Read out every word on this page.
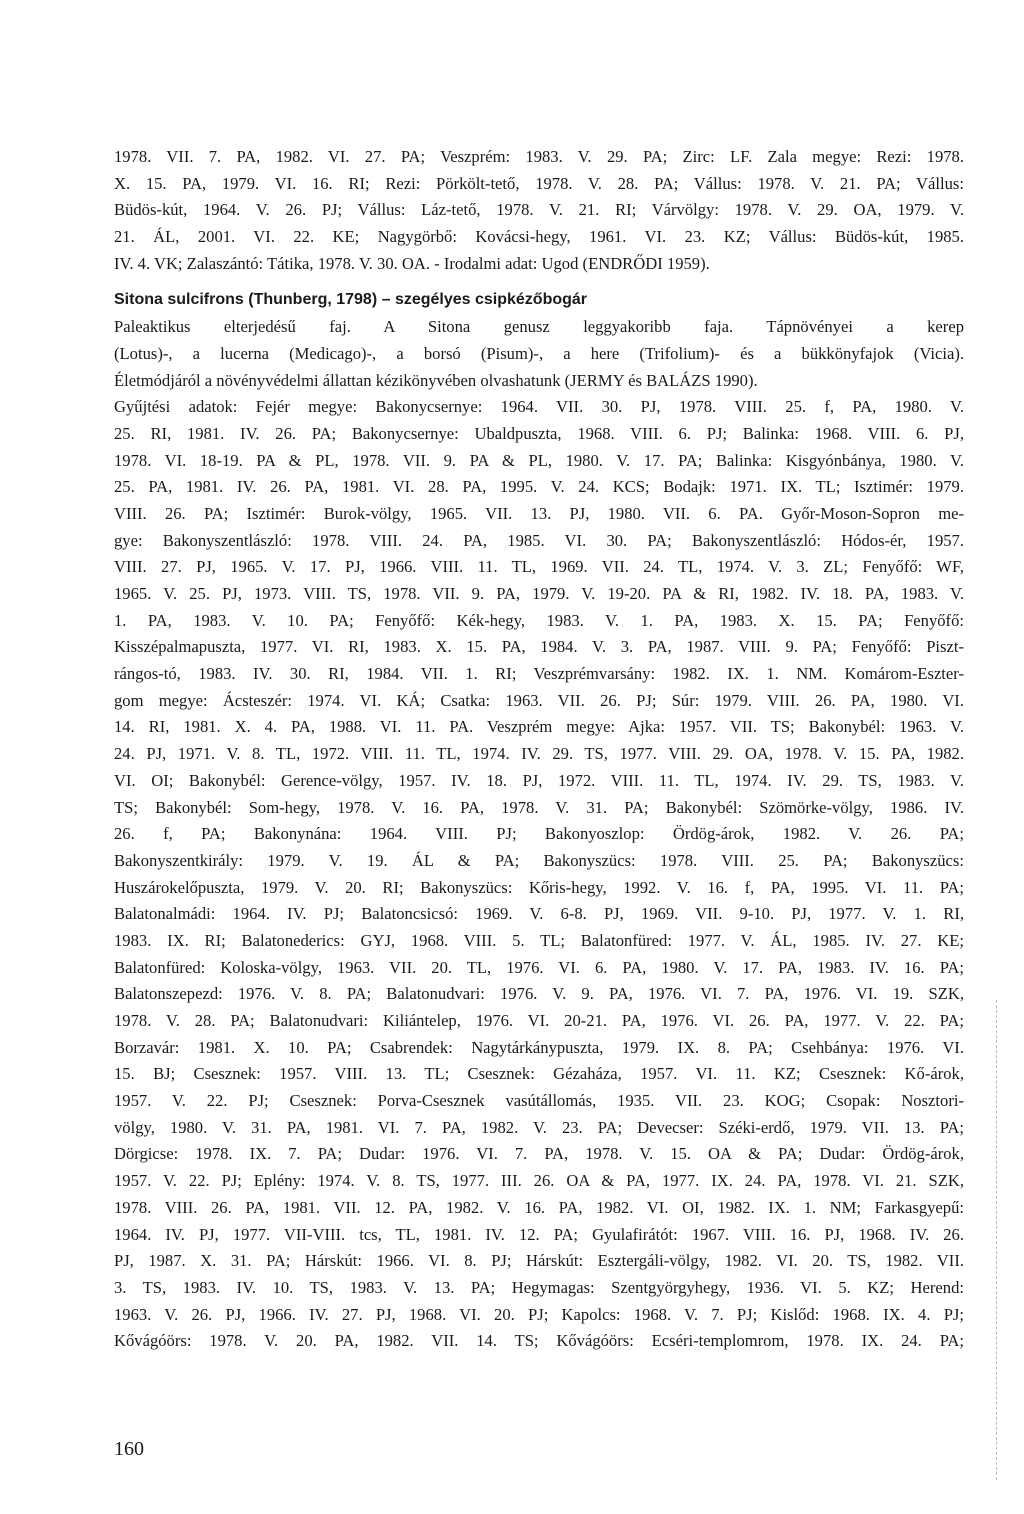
1978. VII. 7. PA, 1982. VI. 27. PA; Veszprém: 1983. V. 29. PA; Zirc: LF. Zala megye: Rezi: 1978.
X. 15. PA, 1979. VI. 16. RI; Rezi: Pörkölt-tető, 1978. V. 28. PA; Vállus: 1978. V. 21. PA; Vállus:
Büdös-kút, 1964. V. 26. PJ; Vállus: Láz-tető, 1978. V. 21. RI; Várvölgy: 1978. V. 29. OA, 1979. V.
21. ÁL, 2001. VI. 22. KE; Nagygörbő: Kovácsi-hegy, 1961. VI. 23. KZ; Vállus: Büdös-kút, 1985.
IV. 4. VK; Zalaszántó: Tátika, 1978. V. 30. OA. - Irodalmi adat: Ugod (ENDRŐDI 1959).
Sitona sulcifrons (Thunberg, 1798) – szegélyes csipkézőbogár
Paleaktikus elterjedésű faj. A Sitona genusz leggyakoribb faja. Tápnövényei a kerep
(Lotus)-, a lucerna (Medicago)-, a borsó (Pisum)-, a here (Trifolium)- és a bükkönyfajok (Vicia).
Életmódjáról a növényvédelmi állattan kézikönyvében olvashatunk (JERMY és BALÁZS 1990).
Gyűjtési adatok: Fejér megye: Bakonycsernye: 1964. VII. 30. PJ, 1978. VIII. 25. f, PA, 1980. V.
25. RI, 1981. IV. 26. PA; Bakonycsernye: Ubaldpuszta, 1968. VIII. 6. PJ; Balinka: 1968. VIII. 6. PJ,
1978. VI. 18-19. PA & PL, 1978. VII. 9. PA & PL, 1980. V. 17. PA; Balinka: Kisgyónbánya, 1980. V.
25. PA, 1981. IV. 26. PA, 1981. VI. 28. PA, 1995. V. 24. KCS; Bodajk: 1971. IX. TL; Isztimér: 1979.
VIII. 26. PA; Isztimér: Burok-völgy, 1965. VII. 13. PJ, 1980. VII. 6. PA. Győr-Moson-Sopron me-
gye: Bakonyszentlászló: 1978. VIII. 24. PA, 1985. VI. 30. PA; Bakonyszentlászló: Hódos-ér, 1957.
VIII. 27. PJ, 1965. V. 17. PJ, 1966. VIII. 11. TL, 1969. VII. 24. TL, 1974. V. 3. ZL; Fenyőfő: WF,
1965. V. 25. PJ, 1973. VIII. TS, 1978. VII. 9. PA, 1979. V. 19-20. PA & RI, 1982. IV. 18. PA, 1983. V.
1. PA, 1983. V. 10. PA; Fenyőfő: Kék-hegy, 1983. V. 1. PA, 1983. X. 15. PA; Fenyőfő:
Kisszépalmapuszta, 1977. VI. RI, 1983. X. 15. PA, 1984. V. 3. PA, 1987. VIII. 9. PA; Fenyőfő: Piszt-
rángos-tó, 1983. IV. 30. RI, 1984. VII. 1. RI; Veszprémvarsány: 1982. IX. 1. NM. Komárom-Eszter-
gom megye: Ácsteszér: 1974. VI. KÁ; Csatka: 1963. VII. 26. PJ; Súr: 1979. VIII. 26. PA, 1980. VI.
14. RI, 1981. X. 4. PA, 1988. VI. 11. PA. Veszprém megye: Ajka: 1957. VII. TS; Bakonybél: 1963. V.
24. PJ, 1971. V. 8. TL, 1972. VIII. 11. TL, 1974. IV. 29. TS, 1977. VIII. 29. OA, 1978. V. 15. PA, 1982.
VI. OI; Bakonybél: Gerence-völgy, 1957. IV. 18. PJ, 1972. VIII. 11. TL, 1974. IV. 29. TS, 1983. V.
TS; Bakonybél: Som-hegy, 1978. V. 16. PA, 1978. V. 31. PA; Bakonybél: Szömörke-völgy, 1986. IV.
26. f, PA; Bakonynána: 1964. VIII. PJ; Bakonyoszlop: Ördög-árok, 1982. V. 26. PA;
Bakonyszentkirály: 1979. V. 19. ÁL & PA; Bakonyszücs: 1978. VIII. 25. PA; Bakonyszücs:
Huszárokelőpuszta, 1979. V. 20. RI; Bakonyszücs: Kőris-hegy, 1992. V. 16. f, PA, 1995. VI. 11. PA;
Balatonalmádi: 1964. IV. PJ; Balatoncsicsó: 1969. V. 6-8. PJ, 1969. VII. 9-10. PJ, 1977. V. 1. RI,
1983. IX. RI; Balatonederics: GYJ, 1968. VIII. 5. TL; Balatonfüred: 1977. V. ÁL, 1985. IV. 27. KE;
Balatonfüred: Koloska-völgy, 1963. VII. 20. TL, 1976. VI. 6. PA, 1980. V. 17. PA, 1983. IV. 16. PA;
Balatonszepezd: 1976. V. 8. PA; Balatonudvari: 1976. V. 9. PA, 1976. VI. 7. PA, 1976. VI. 19. SZK,
1978. V. 28. PA; Balatonudvari: Kiliántelep, 1976. VI. 20-21. PA, 1976. VI. 26. PA, 1977. V. 22. PA;
Borzavár: 1981. X. 10. PA; Csabrendek: Nagytárkánypuszta, 1979. IX. 8. PA; Csehbánya: 1976. VI.
15. BJ; Csesznek: 1957. VIII. 13. TL; Csesznek: Gézaháza, 1957. VI. 11. KZ; Csesznek: Kő-árok,
1957. V. 22. PJ; Csesznek: Porva-Csesznek vasútállomás, 1935. VII. 23. KOG; Csopak: Nosztori-
völgy, 1980. V. 31. PA, 1981. VI. 7. PA, 1982. V. 23. PA; Devecser: Széki-erdő, 1979. VII. 13. PA;
Dörgicse: 1978. IX. 7. PA; Dudar: 1976. VI. 7. PA, 1978. V. 15. OA & PA; Dudar: Ördög-árok,
1957. V. 22. PJ; Eplény: 1974. V. 8. TS, 1977. III. 26. OA & PA, 1977. IX. 24. PA, 1978. VI. 21. SZK,
1978. VIII. 26. PA, 1981. VII. 12. PA, 1982. V. 16. PA, 1982. VI. OI, 1982. IX. 1. NM; Farkasgyepű:
1964. IV. PJ, 1977. VII-VIII. tcs, TL, 1981. IV. 12. PA; Gyulafirátót: 1967. VIII. 16. PJ, 1968. IV. 26.
PJ, 1987. X. 31. PA; Hárskút: 1966. VI. 8. PJ; Hárskút: Esztergáli-völgy, 1982. VI. 20. TS, 1982. VII.
3. TS, 1983. IV. 10. TS, 1983. V. 13. PA; Hegymagas: Szentgyörgyhegy, 1936. VI. 5. KZ; Herend:
1963. V. 26. PJ, 1966. IV. 27. PJ, 1968. VI. 20. PJ; Kapolcs: 1968. V. 7. PJ; Kislőd: 1968. IX. 4. PJ;
Kővágóörs: 1978. V. 20. PA, 1982. VII. 14. TS; Kővágóörs: Ecséri-templomrom, 1978. IX. 24. PA;
160
